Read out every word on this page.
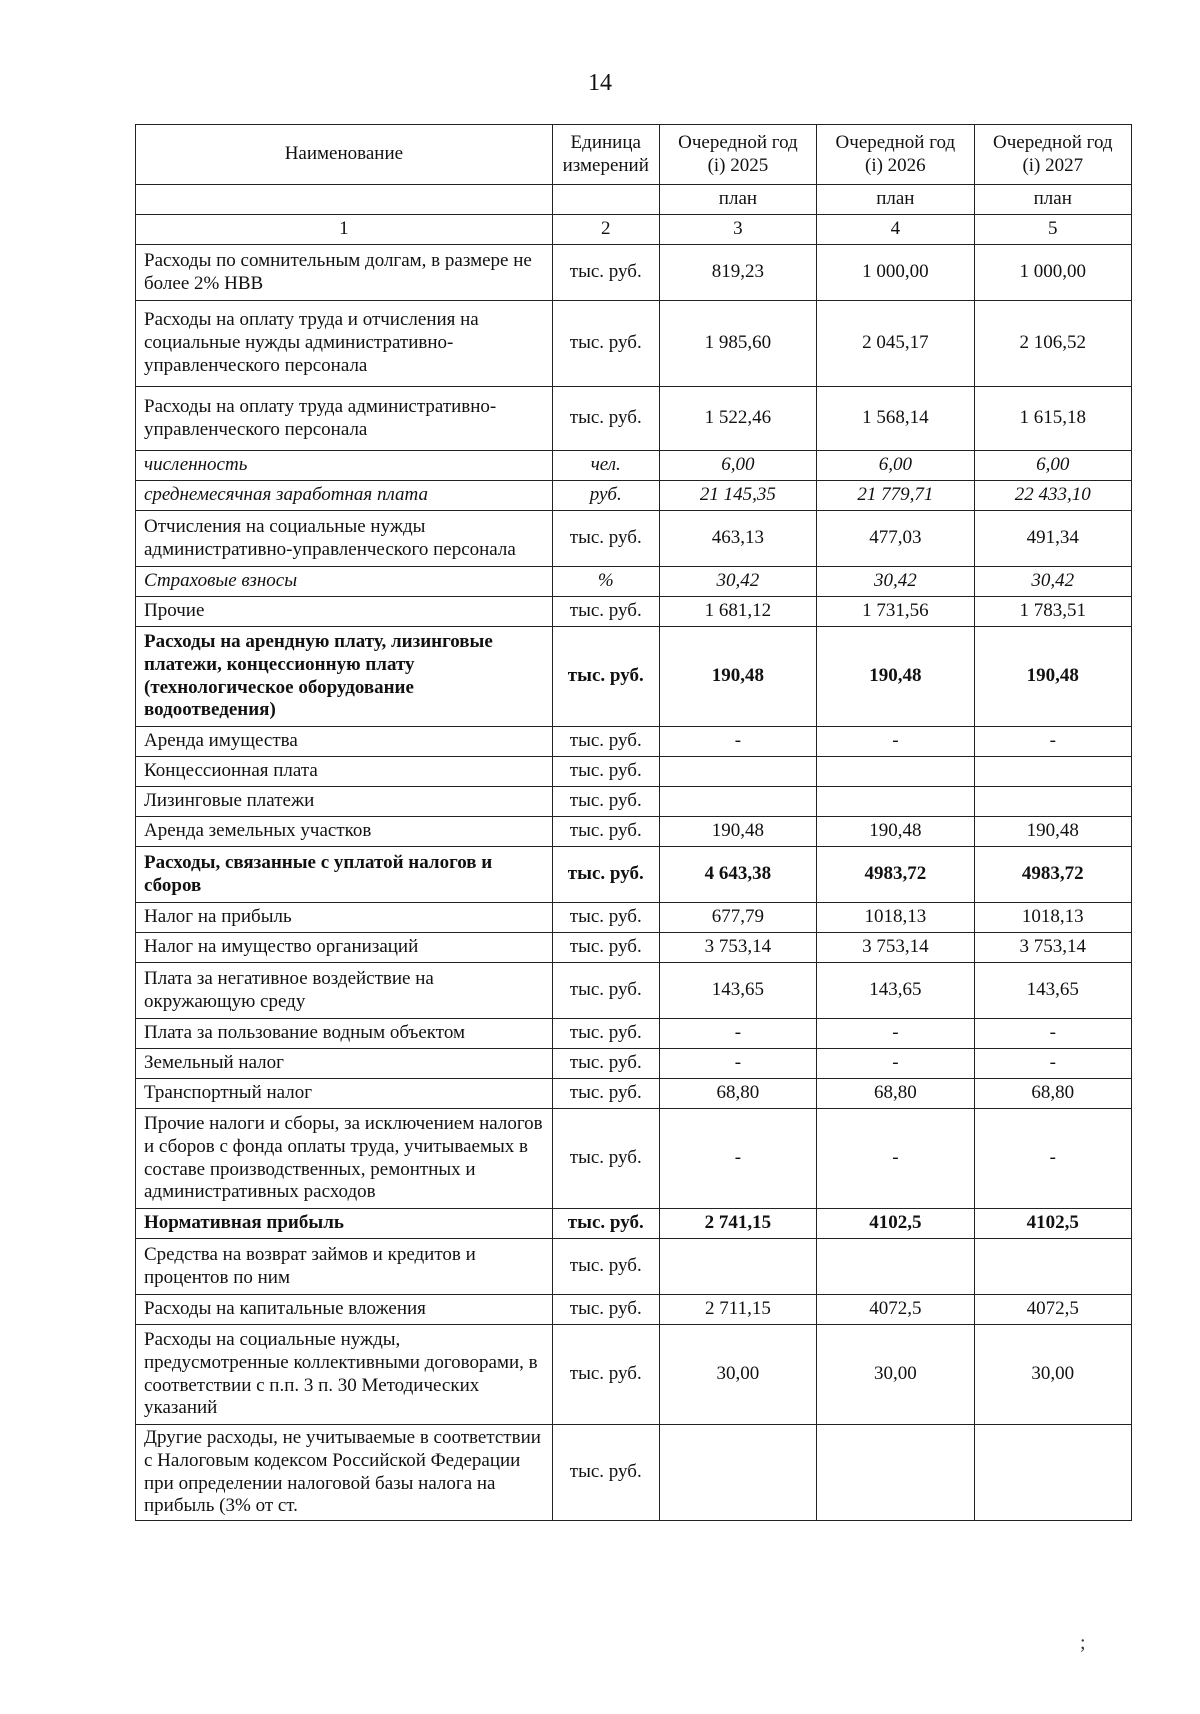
14
Наименование	Единица измерений	Очередной год (i) 2025	Очередной год (i) 2026	Очередной год (i) 2027
		план	план	план
1	2	3	4	5
Расходы по сомнительным долгам, в размере не более 2% НВВ	тыс. руб.	819,23	1 000,00	1 000,00
Расходы на оплату труда и отчисления на социальные нужды административно-управленческого персонала	тыс. руб.	1 985,60	2 045,17	2 106,52
Расходы на оплату труда административно-управленческого персонала	тыс. руб.	1 522,46	1 568,14	1 615,18
численность	чел.	6,00	6,00	6,00
среднемесячная заработная плата	руб.	21 145,35	21 779,71	22 433,10
Отчисления на социальные нужды административно-управленческого персонала	тыс. руб.	463,13	477,03	491,34
Страховые взносы	%	30,42	30,42	30,42
Прочие	тыс. руб.	1 681,12	1 731,56	1 783,51
Расходы на арендную плату, лизинговые платежи, концессионную плату (технологическое оборудование водоотведения)	тыс. руб.	190,48	190,48	190,48
Аренда имущества	тыс. руб.	-	-	-
Концессионная плата	тыс. руб.			
Лизинговые платежи	тыс. руб.			
Аренда земельных участков	тыс. руб.	190,48	190,48	190,48
Расходы, связанные с уплатой налогов и сборов	тыс. руб.	4 643,38	4983,72	4983,72
Налог на прибыль	тыс. руб.	677,79	1018,13	1018,13
Налог на имущество организаций	тыс. руб.	3 753,14	3 753,14	3 753,14
Плата за негативное воздействие на окружающую среду	тыс. руб.	143,65	143,65	143,65
Плата за пользование водным объектом	тыс. руб.	-	-	-
Земельный налог	тыс. руб.	-	-	-
Транспортный налог	тыс. руб.	68,80	68,80	68,80
Прочие налоги и сборы, за исключением налогов и сборов с фонда оплаты труда, учитываемых в составе производственных, ремонтных и административных расходов	тыс. руб.	-	-	-
Нормативная прибыль	тыс. руб.	2 741,15	4102,5	4102,5
Средства на возврат займов и кредитов и процентов по ним	тыс. руб.			
Расходы на капитальные вложения	тыс. руб.	2 711,15	4072,5	4072,5
Расходы на социальные нужды, предусмотренные коллективными договорами, в соответствии с п.п. 3 п. 30 Методических указаний	тыс. руб.	30,00	30,00	30,00
Другие расходы, не учитываемые в соответствии с Налоговым кодексом Российской Федерации при определении налоговой базы налога на прибыль (3% от ст.	тыс. руб.			
;
